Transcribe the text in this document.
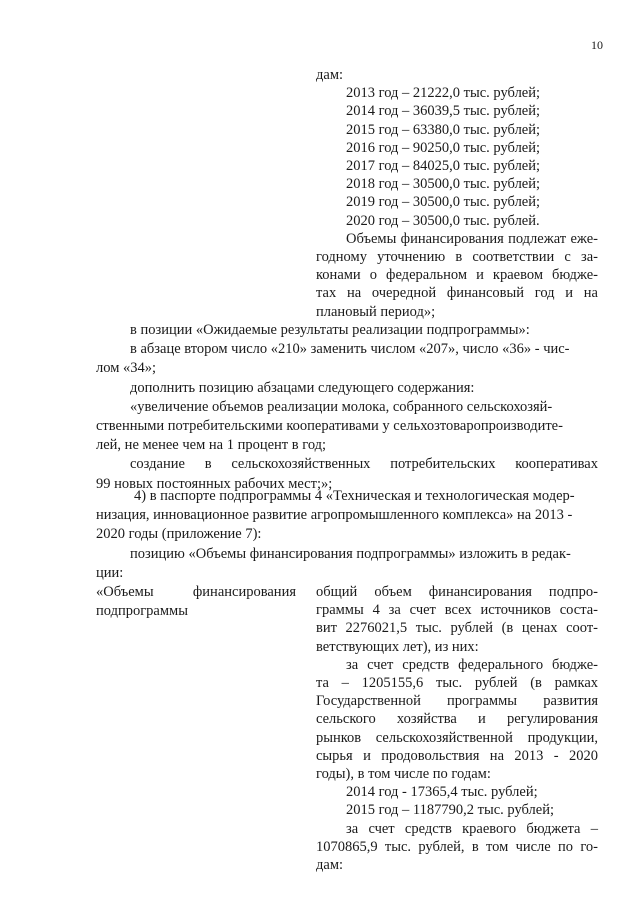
10
дам:
2013 год – 21222,0 тыс. рублей;
2014 год – 36039,5 тыс. рублей;
2015 год – 63380,0 тыс. рублей;
2016 год – 90250,0 тыс. рублей;
2017 год – 84025,0 тыс. рублей;
2018 год – 30500,0 тыс. рублей;
2019 год – 30500,0 тыс. рублей;
2020 год – 30500,0 тыс. рублей.
Объемы финансирования подлежат еже-
годному уточнению в соответствии с за-
конами о федеральном и краевом бюдже-
тах на очередной финансовый год и на
плановый период»;
в позиции «Ожидаемые результаты реализации подпрограммы»:
в абзаце втором число «210» заменить числом «207», число «36» - чис-
лом «34»;
дополнить позицию абзацами следующего содержания:
«увеличение объемов реализации молока, собранного сельскохозяй-
ственными потребительскими кооперативами у сельхозтоваропроизводите-
лей, не менее чем на 1 процент в год;
создание в сельскохозяйственных потребительских кооперативах
99 новых постоянных рабочих мест;»;
4) в паспорте подпрограммы 4 «Техническая и технологическая модер-
низация, инновационное развитие агропромышленного комплекса» на 2013 -
2020 годы (приложение 7):
позицию «Объемы финансирования подпрограммы» изложить в редак-
ции:
«Объемы	финансирования
подпрограммы
общий объем финансирования подпро-
граммы 4 за счет всех источников соста-
вит 2276021,5 тыс. рублей (в ценах соот-
ветствующих лет), из них:
за счет средств федерального бюдже-
та – 1205155,6 тыс. рублей (в рамках
Государственной программы развития
сельского хозяйства и регулирования
рынков сельскохозяйственной продукции,
сырья и продовольствия на 2013 - 2020
годы), в том числе по годам:
2014 год - 17365,4 тыс. рублей;
2015 год – 1187790,2 тыс. рублей;
за счет средств краевого бюджета –
1070865,9 тыс. рублей, в том числе по го-
дам:
